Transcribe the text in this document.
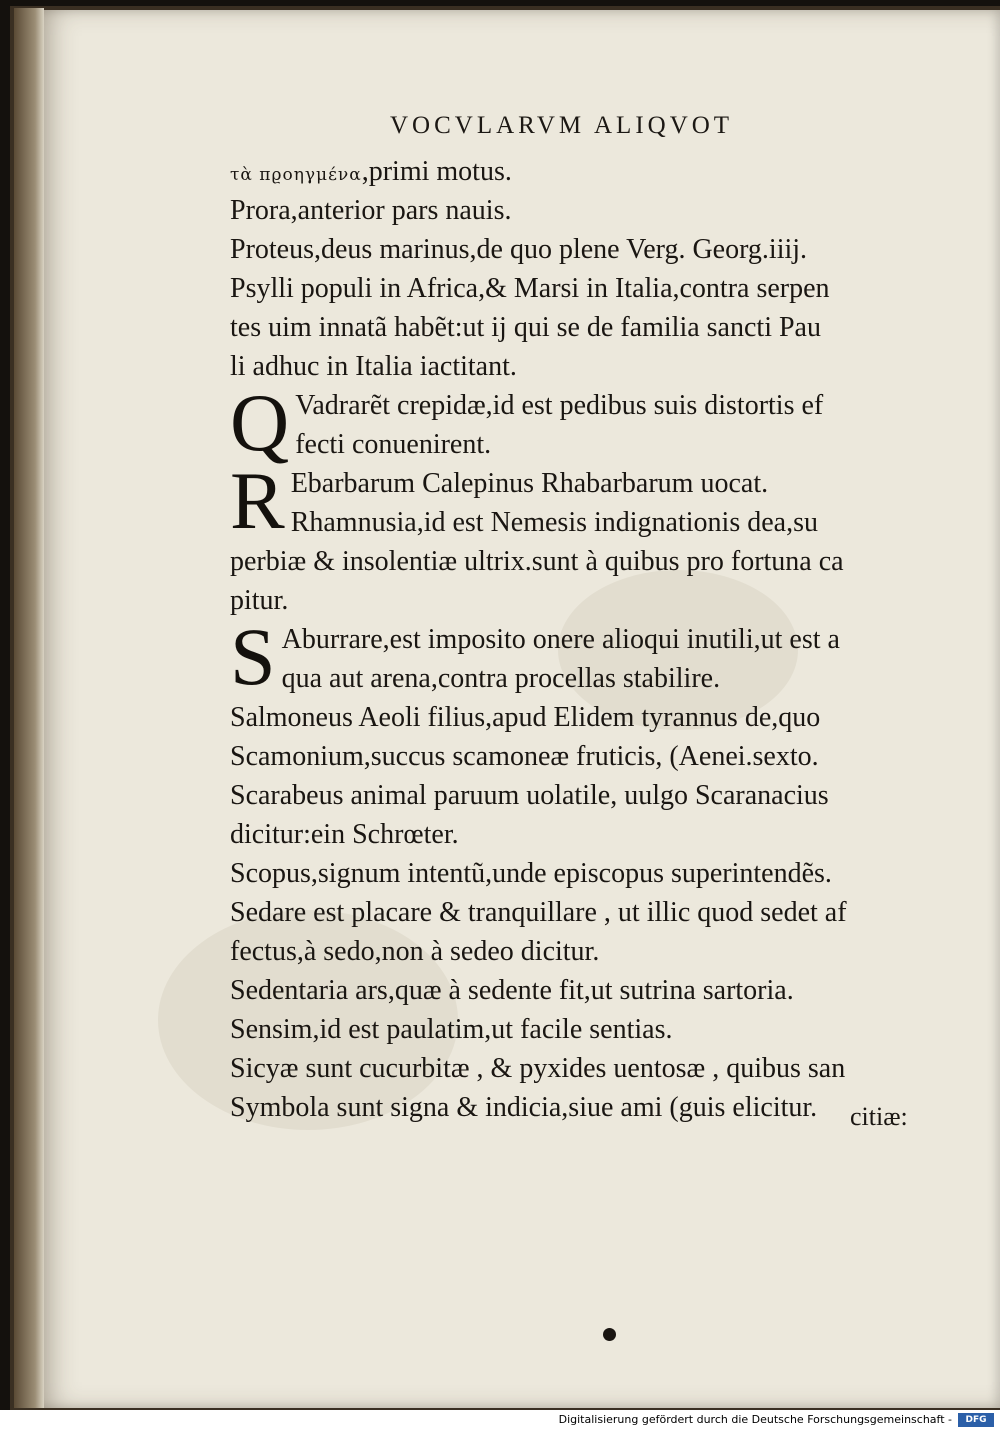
VOCVLARVM ALIQVOT
τὰ πϱοηγμένα,primi motus.
Prora,anterior pars nauis.
Proteus,deus marinus,de quo plene Verg. Georg.iiij.
Psylli populi in Africa,& Marsi in Italia,contra serpen
tes uim innatã habẽt:ut ij qui se de familia sancti Pau
li adhuc in Italia iactitant.
Q Vadrarẽt crepidæ,id est pedibus suis distortis ef
fecti conuenirent.
R Ebarbarum Calepinus Rhabarbarum uocat.
Rhamnusia,id est Nemesis indignationis dea,su
perbiæ & insolentiæ ultrix.sunt à quibus pro fortuna ca
pitur.
S Aburrare,est imposito onere alioqui inutili,ut est a
qua aut arena,contra procellas stabilire.
Salmoneus Aeoli filius,apud Elidem tyrannus de,quo
Scamonium,succus scamoneæ fruticis, (Aenei.sexto.
Scarabeus animal paruum uolatile, uulgo Scaranacius
dicitur:ein Schrœter.
Scopus,signum intentũ,unde episcopus superintendẽs.
Sedare est placare & tranquillare , ut illic quod sedet af
fectus,à sedo,non à sedeo dicitur.
Sedentaria ars,quæ à sedente fit,ut sutrina sartoria.
Sensim,id est paulatim,ut facile sentias.
Sicyæ sunt cucurbitæ , & pyxides uentosæ , quibus san
Symbola sunt signa & indicia,siue ami (guis elicitur.	citiæ:
Digitalisierung gefördert durch die Deutsche Forschungsgemeinschaft -	DFG
